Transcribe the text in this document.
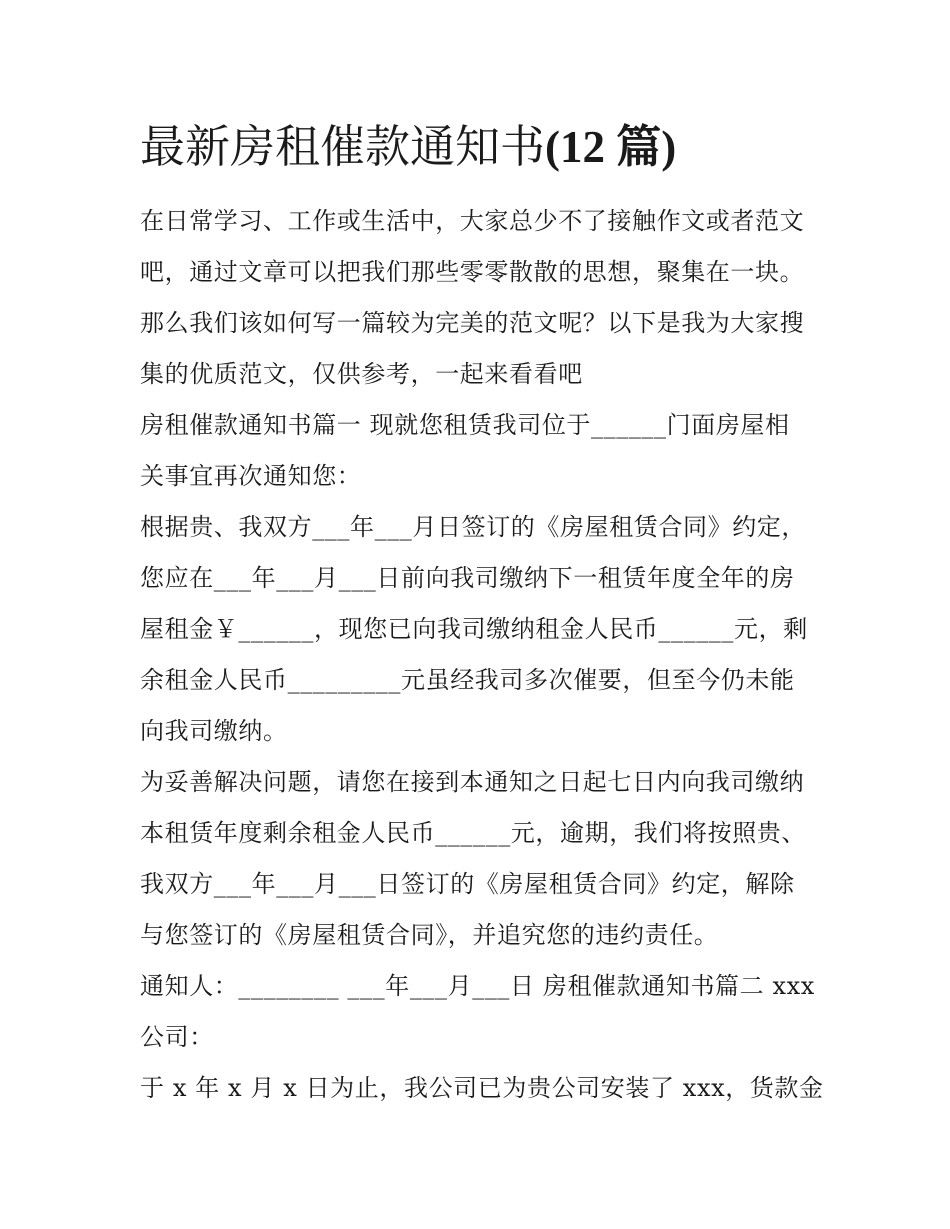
最新房租催款通知书(12 篇)
在日常学习、工作或生活中，大家总少不了接触作文或者范文
吧，通过文章可以把我们那些零零散散的思想，聚集在一块。
那么我们该如何写一篇较为完美的范文呢？以下是我为大家搜
集的优质范文，仅供参考，一起来看看吧
房租催款通知书篇一 现就您租赁我司位于______门面房屋相
关事宜再次通知您：
根据贵、我双方___年___月日签订的《房屋租赁合同》约定，
您应在___年___月___日前向我司缴纳下一租赁年度全年的房
屋租金￥______，现您已向我司缴纳租金人民币______元，剩
余租金人民币_________元虽经我司多次催要，但至今仍未能
向我司缴纳。
为妥善解决问题，请您在接到本通知之日起七日内向我司缴纳
本租赁年度剩余租金人民币______元，逾期，我们将按照贵、
我双方___年___月___日签订的《房屋租赁合同》约定，解除
与您签订的《房屋租赁合同》，并追究您的违约责任。
通知人：________ ___年___月___日 房租催款通知书篇二 xxx
公司：
于 x 年 x 月 x 日为止，我公司已为贵公司安装了 xxx，货款金
